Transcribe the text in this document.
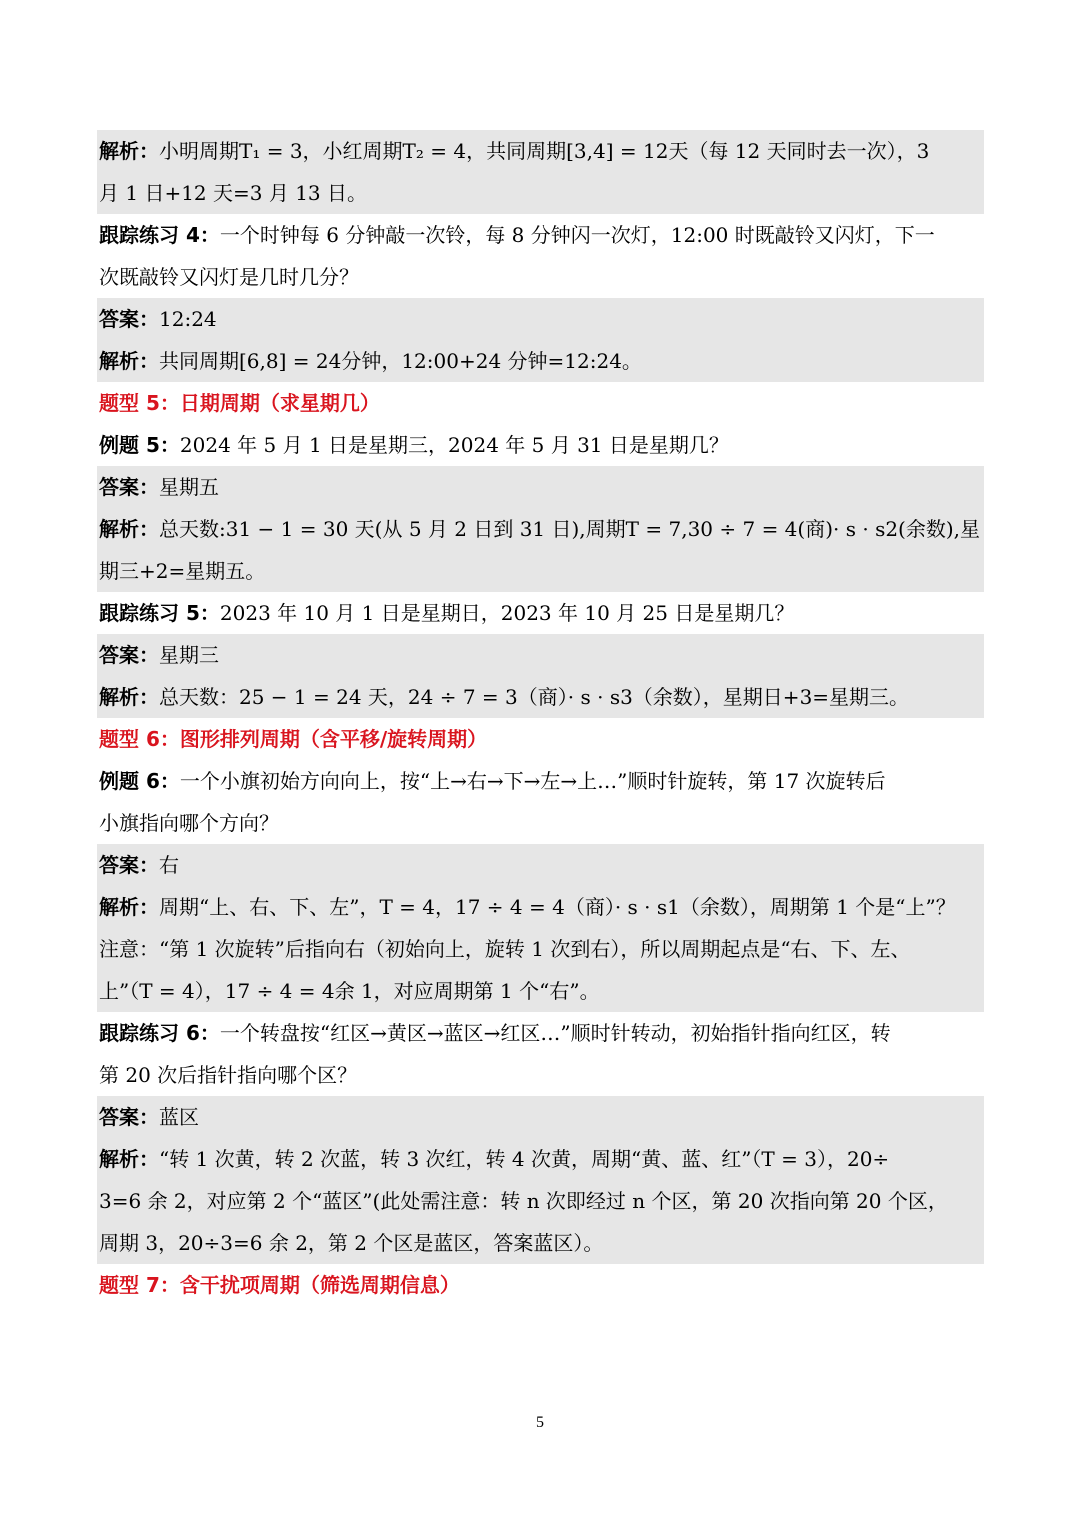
解析：小明周期T₁ = 3，小红周期T₂ = 4，共同周期[3,4] = 12天（每 12 天同时去一次），3
月 1 日+12 天=3 月 13 日。
跟踪练习 4：一个时钟每 6 分钟敲一次铃，每 8 分钟闪一次灯，12:00 时既敲铃又闪灯，下一
次既敲铃又闪灯是几时几分？
答案：12:24
解析：共同周期[6,8] = 24分钟，12:00+24 分钟=12:24。
题型 5：日期周期（求星期几）
例题 5：2024 年 5 月 1 日是星期三，2024 年 5 月 31 日是星期几？
答案：星期五
解析：总天数:31 − 1 = 30 天(从 5 月 2 日到 31 日),周期T = 7,30 ÷ 7 = 4(商)· s · s2(余数),星
期三+2=星期五。
跟踪练习 5：2023 年 10 月 1 日是星期日，2023 年 10 月 25 日是星期几？
答案：星期三
解析：总天数：25 − 1 = 24 天，24 ÷ 7 = 3（商）· s · s3（余数），星期日+3=星期三。
题型 6：图形排列周期（含平移/旋转周期）
例题 6：一个小旗初始方向向上，按“上→右→下→左→上…”顺时针旋转，第 17 次旋转后
小旗指向哪个方向？
答案：右
解析：周期“上、右、下、左”，T = 4，17 ÷ 4 = 4（商）· s · s1（余数），周期第 1 个是“上”？
注意：“第 1 次旋转”后指向右（初始向上，旋转 1 次到右），所以周期起点是“右、下、左、
上”（T = 4），17 ÷ 4 = 4余 1，对应周期第 1 个“右”。
跟踪练习 6：一个转盘按“红区→黄区→蓝区→红区…”顺时针转动，初始指针指向红区，转
第 20 次后指针指向哪个区？
答案：蓝区
解析：“转 1 次黄，转 2 次蓝，转 3 次红，转 4 次黄，周期“黄、蓝、红”（T = 3），20÷
3=6 余 2，对应第 2 个“蓝区”(此处需注意：转 n 次即经过 n 个区，第 20 次指向第 20 个区，
周期 3，20÷3=6 余 2，第 2 个区是蓝区，答案蓝区）。
题型 7：含干扰项周期（筛选周期信息）
5
